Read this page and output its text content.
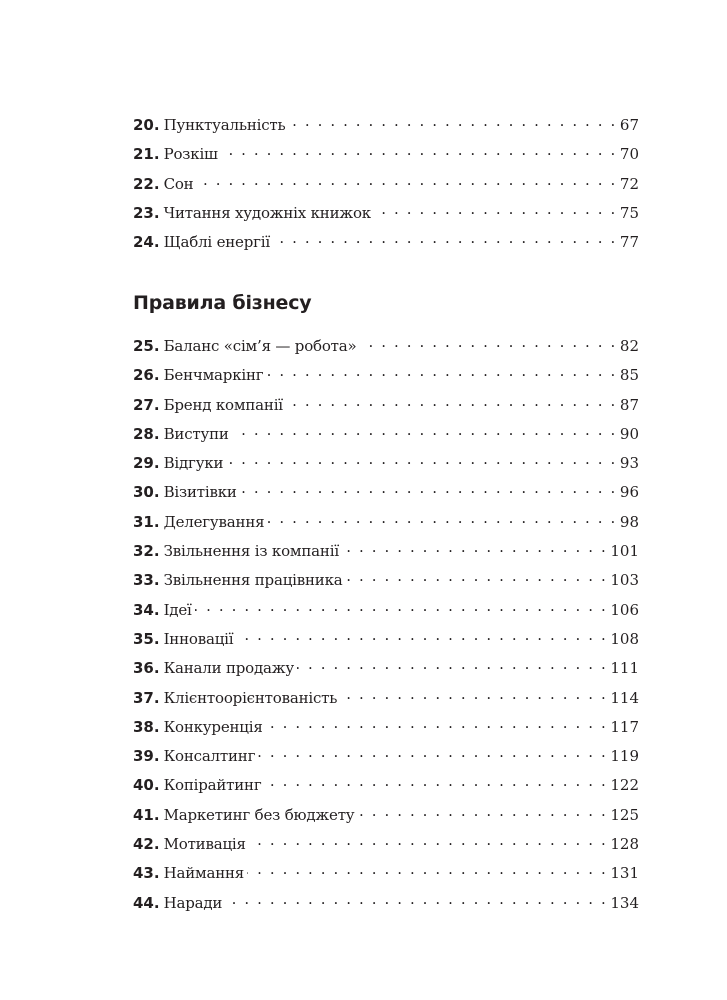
20. Пунктуальність . . .	67
21. Розкіш . . .	70
22. Сон . . .	72
23. Читання художніх книжок . . .	75
24. Щаблі енергії . . .	77
Правила бізнесу
25. Баланс «сім’я — робота» . . .	82
26. Бенчмаркінг . . .	85
27. Бренд компанії . . .	87
28. Виступи . . .	90
29. Відгуки . . .	93
30. Візитівки . . .	96
31. Делегування . . .	98
32. Звільнення із компанії . . .	101
33. Звільнення працівника . . .	103
34. Ідеї . . .	106
35. Інновації . . .	108
36. Канали продажу . . .	111
37. Клієнтоорієнтованість . . .	114
38. Конкуренція . . .	117
39. Консалтинг . . .	119
40. Копірайтинг . . .	122
41. Маркетинг без бюджету . . .	125
42. Мотивація . . .	128
43. Наймання . . .	131
44. Наради . . .	134
